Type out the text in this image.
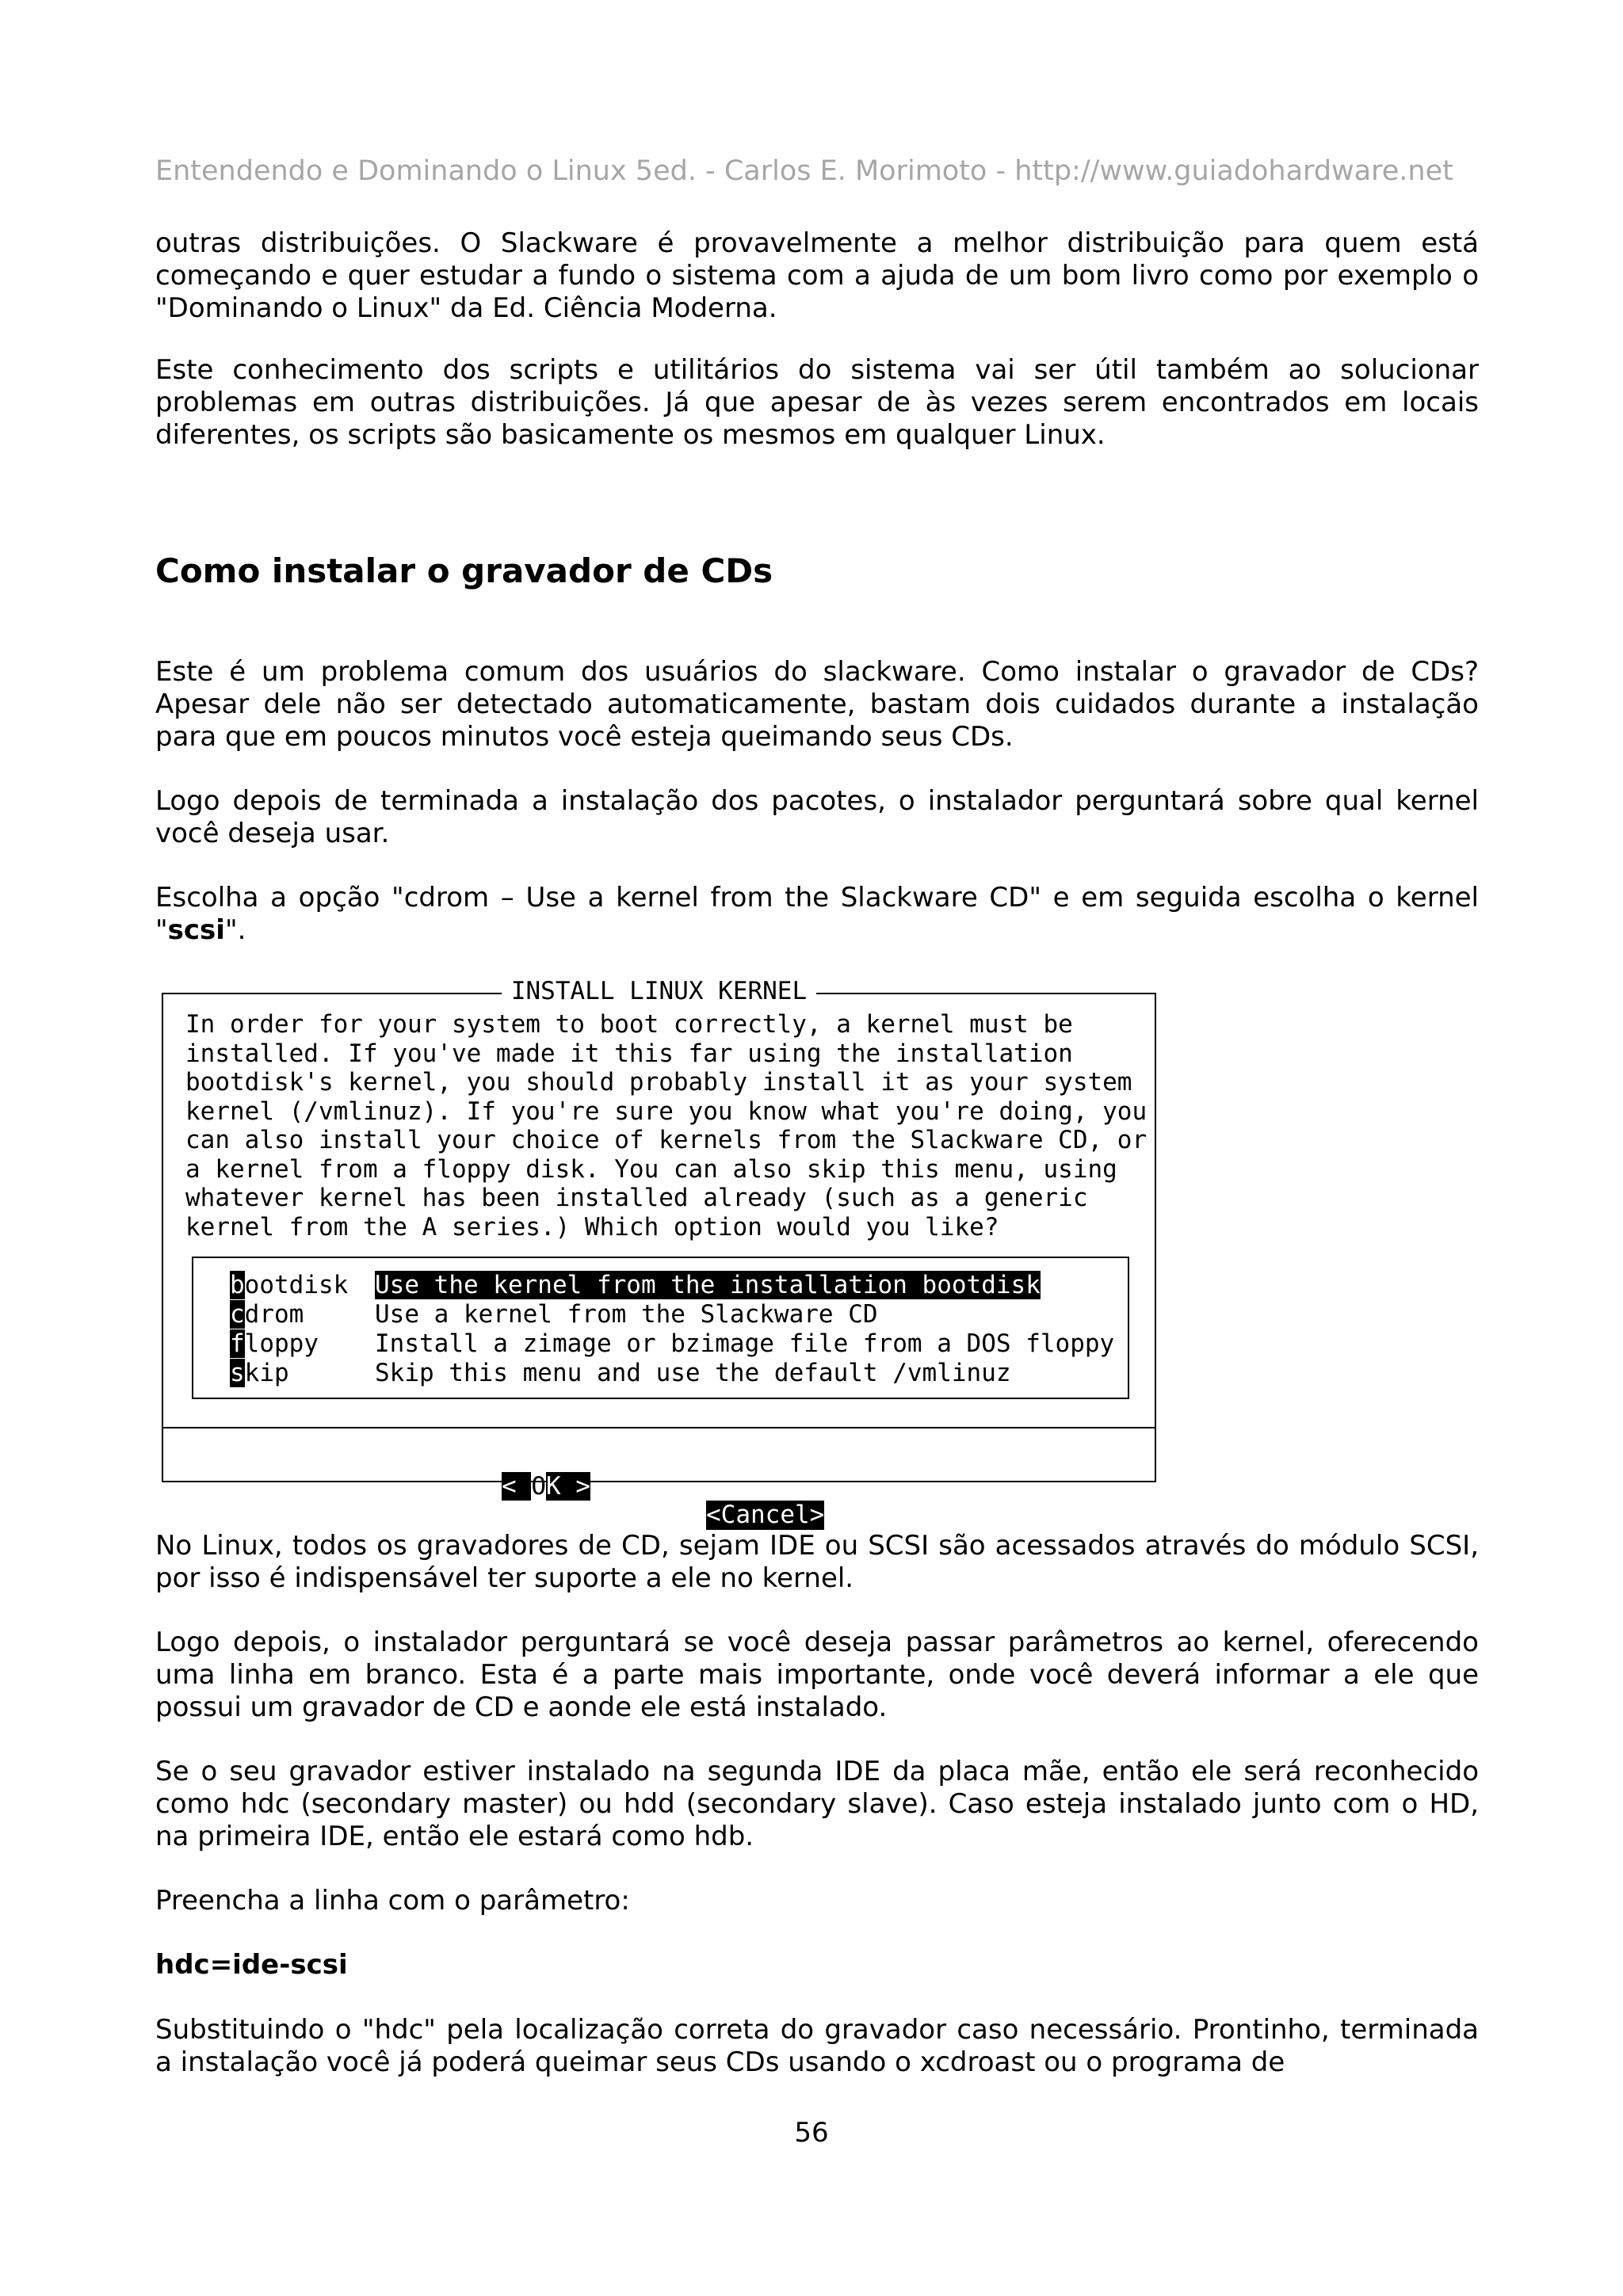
Entendendo e Dominando o Linux 5ed. - Carlos E. Morimoto - http://www.guiadohardware.net

outras distribuições. O Slackware é provavelmente a melhor distribuição para quem está começando e quer estudar a fundo o sistema com a ajuda de um bom livro como por exemplo o "Dominando o Linux" da Ed. Ciência Moderna.

Este conhecimento dos scripts e utilitários do sistema vai ser útil também ao solucionar problemas em outras distribuições. Já que apesar de às vezes serem encontrados em locais diferentes, os scripts são basicamente os mesmos em qualquer Linux.

Como instalar o gravador de CDs

Este é um problema comum dos usuários do slackware. Como instalar o gravador de CDs? Apesar dele não ser detectado automaticamente, bastam dois cuidados durante a instalação para que em poucos minutos você esteja queimando seus CDs.

Logo depois de terminada a instalação dos pacotes, o instalador perguntará sobre qual kernel você deseja usar.

Escolha a opção "cdrom – Use a kernel from the Slackware CD" e em seguida escolha o kernel "scsi".

INSTALL LINUX KERNEL
In order for your system to boot correctly, a kernel must be
installed. If you've made it this far using the installation
bootdisk's kernel, you should probably install it as your system
kernel (/vmlinuz). If you're sure you know what you're doing, you
can also install your choice of kernels from the Slackware CD, or
a kernel from a floppy disk. You can also skip this menu, using
whatever kernel has been installed already (such as a generic
kernel from the A series.) Which option would you like?
bootdisk Use the kernel from the installation bootdisk
cdrom	Use a kernel from the Slackware CD
floppy Install a zimage or bzimage file from a DOS floppy
skip	Skip this menu and use the default /vmlinuz

< OK >

<Cancel>

No Linux, todos os gravadores de CD, sejam IDE ou SCSI são acessados através do módulo SCSI, por isso é indispensável ter suporte a ele no kernel.

Logo depois, o instalador perguntará se você deseja passar parâmetros ao kernel, oferecendo uma linha em branco. Esta é a parte mais importante, onde você deverá informar a ele que possui um gravador de CD e aonde ele está instalado.

Se o seu gravador estiver instalado na segunda IDE da placa mãe, então ele será reconhecido como hdc (secondary master) ou hdd (secondary slave). Caso esteja instalado junto com o HD, na primeira IDE, então ele estará como hdb.

Preencha a linha com o parâmetro:

hdc=ide-scsi

Substituindo o "hdc" pela localização correta do gravador caso necessário. Prontinho, terminada a instalação você já poderá queimar seus CDs usando o xcdroast ou o programa de

56
